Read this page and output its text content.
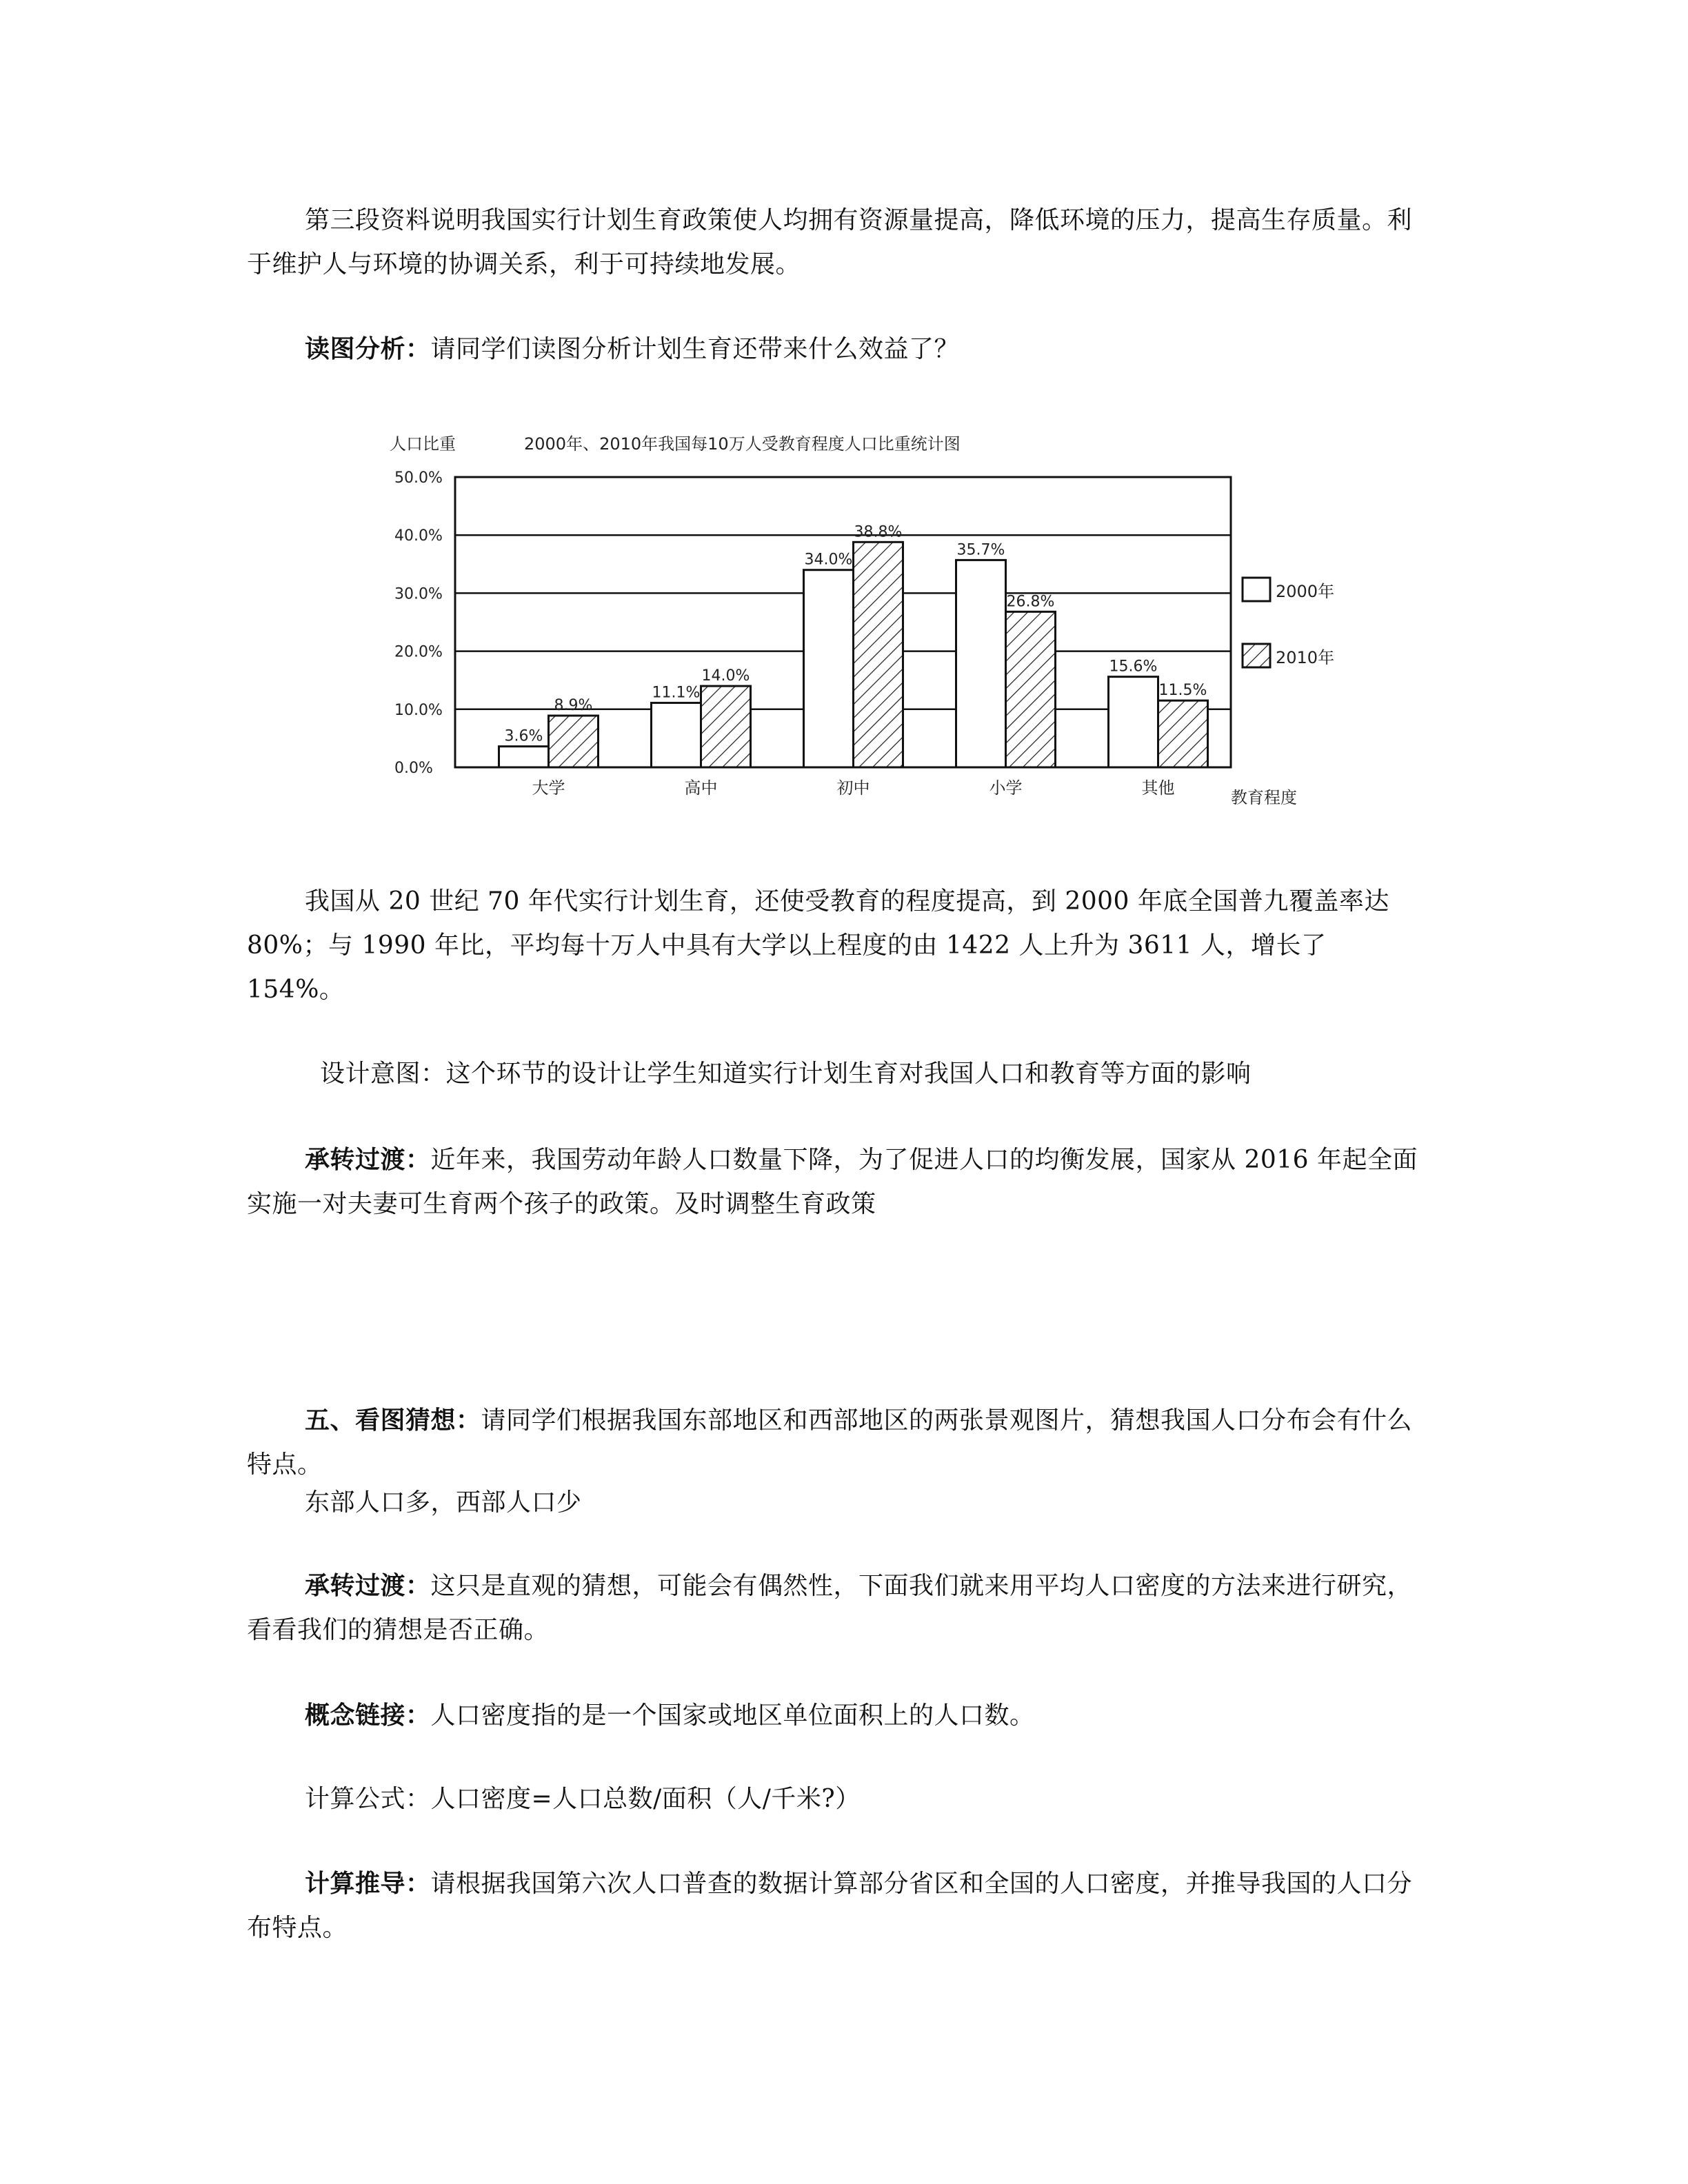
第三段资料说明我国实行计划生育政策使人均拥有资源量提高，降低环境的压力，提高生存质量。利于维护人与环境的协调关系，利于可持续地发展。
读图分析：请同学们读图分析计划生育还带来什么效益了？
人口比重	2000年、2010年我国每10万人受教育程度人口比重统计图
0.0%
10.0%
20.0%
30.0%
40.0%
50.0%
3.6%
8.9%
大学
11.1%
14.0%
高中
34.0%
38.8%
初中
35.7%
26.8%
小学
15.6%
11.5%
其他
2000年
2010年
教育程度
我国从 20 世纪 70 年代实行计划生育，还使受教育的程度提高，到 2000 年底全国普九覆盖率达 80%；与 1990 年比，平均每十万人中具有大学以上程度的由 1422 人上升为 3611 人，增长了 154%。
设计意图：这个环节的设计让学生知道实行计划生育对我国人口和教育等方面的影响
承转过渡：近年来，我国劳动年龄人口数量下降，为了促进人口的均衡发展，国家从 2016 年起全面实施一对夫妻可生育两个孩子的政策。及时调整生育政策
五、看图猜想：请同学们根据我国东部地区和西部地区的两张景观图片，猜想我国人口分布会有什么特点。
东部人口多，西部人口少
承转过渡：这只是直观的猜想，可能会有偶然性，下面我们就来用平均人口密度的方法来进行研究，看看我们的猜想是否正确。
概念链接：人口密度指的是一个国家或地区单位面积上的人口数。
计算公式：人口密度=人口总数/面积（人/千米?）
计算推导：请根据我国第六次人口普查的数据计算部分省区和全国的人口密度，并推导我国的人口分布特点。
